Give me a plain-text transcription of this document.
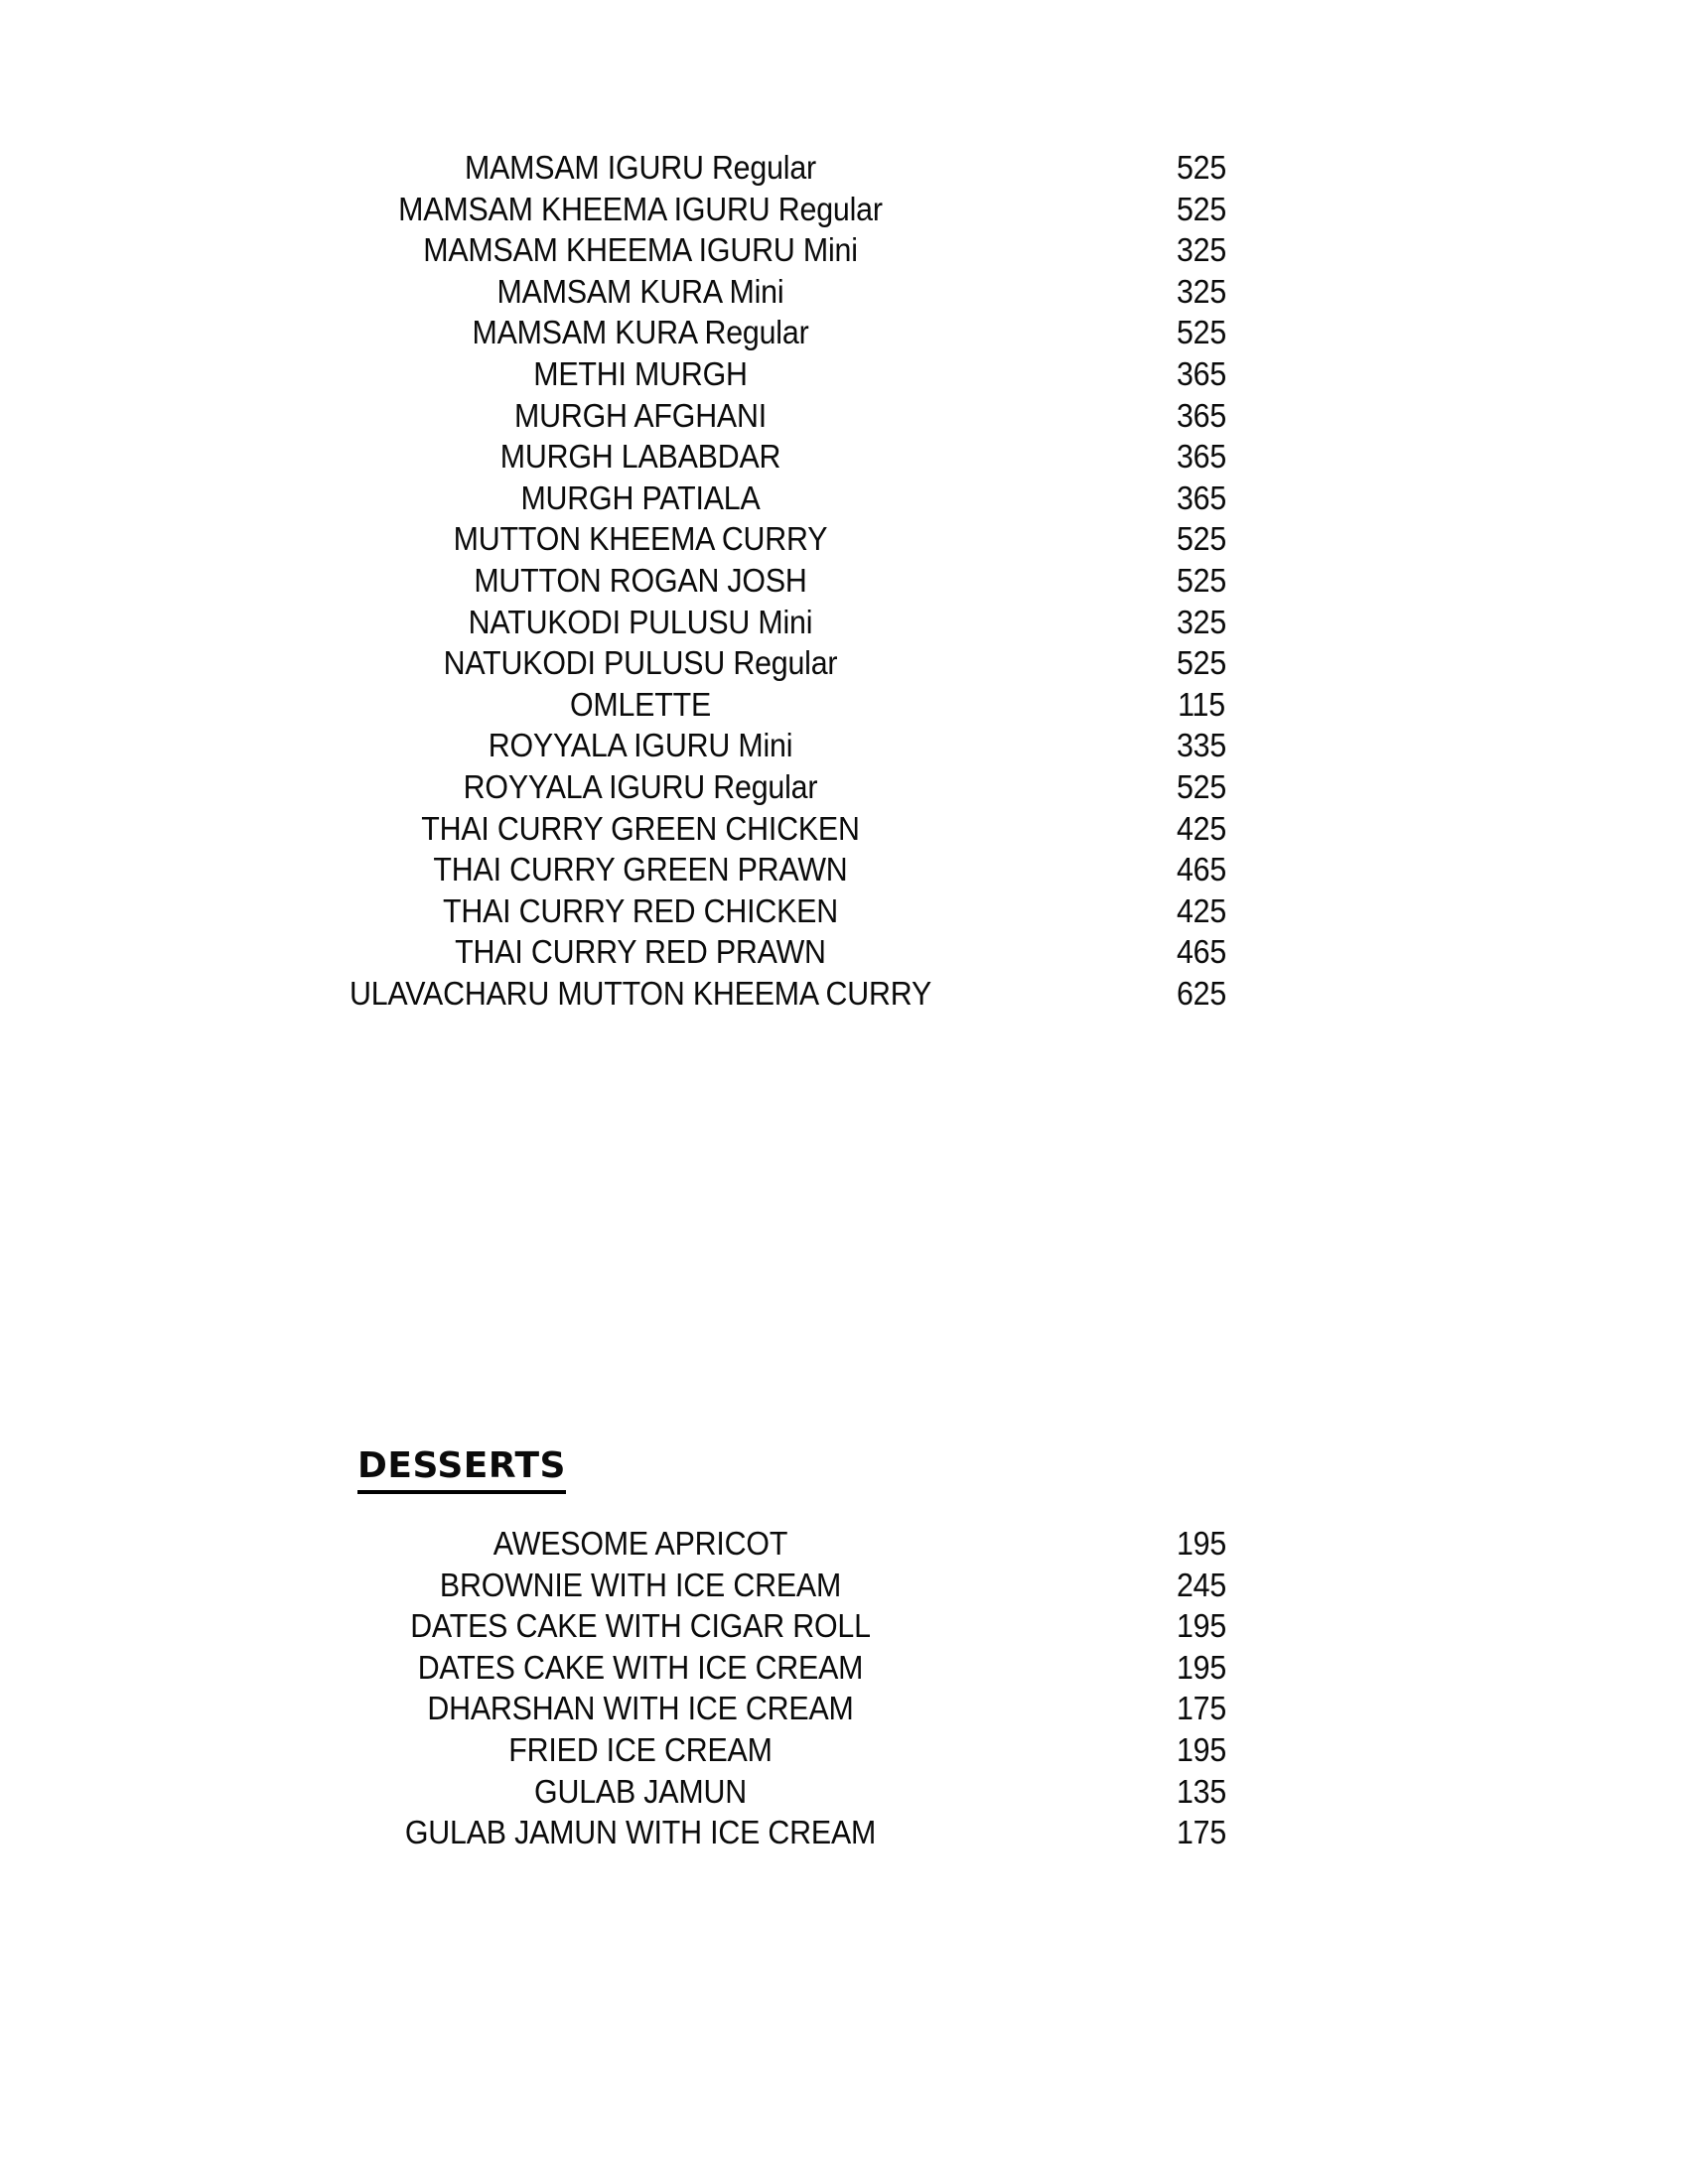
MAMSAM IGURU Regular	525
MAMSAM KHEEMA IGURU Regular	525
MAMSAM KHEEMA IGURU Mini	325
MAMSAM KURA Mini	325
MAMSAM KURA Regular	525
METHI MURGH	365
MURGH AFGHANI	365
MURGH LABABDAR	365
MURGH PATIALA	365
MUTTON KHEEMA CURRY	525
MUTTON ROGAN JOSH	525
NATUKODI PULUSU Mini	325
NATUKODI PULUSU Regular	525
OMLETTE	115
ROYYALA IGURU Mini	335
ROYYALA IGURU Regular	525
THAI CURRY GREEN CHICKEN	425
THAI CURRY GREEN PRAWN	465
THAI CURRY RED CHICKEN	425
THAI CURRY RED PRAWN	465
ULAVACHARU MUTTON KHEEMA CURRY	625
DESSERTS
AWESOME APRICOT	195
BROWNIE WITH ICE CREAM	245
DATES CAKE WITH CIGAR ROLL	195
DATES CAKE WITH ICE CREAM	195
DHARSHAN WITH ICE CREAM	175
FRIED ICE CREAM	195
GULAB JAMUN	135
GULAB JAMUN WITH ICE CREAM	175
